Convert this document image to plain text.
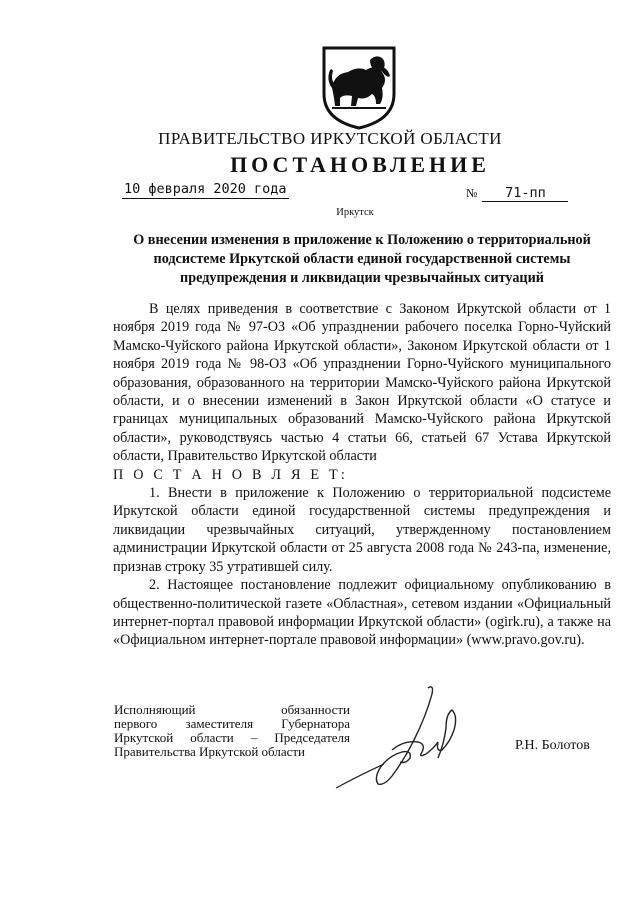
ПРАВИТЕЛЬСТВО ИРКУТСКОЙ ОБЛАСТИ
ПОСТАНОВЛЕНИЕ
10 февраля 2020 года	№ 71-пп
Иркутск
О внесении изменения в приложение к Положению о территориальной подсистеме Иркутской области единой государственной системы предупреждения и ликвидации чрезвычайных ситуаций

В целях приведения в соответствие с Законом Иркутской области от 1 ноября 2019 года № 97-ОЗ «Об упразднении рабочего поселка Горно-Чуйский Мамско-Чуйского района Иркутской области», Законом Иркутской области от 1 ноября 2019 года № 98-ОЗ «Об упразднении Горно-Чуйского муниципального образования, образованного на территории Мамско-Чуйского района Иркутской области, и о внесении изменений в Закон Иркутской области «О статусе и границах муниципальных образований Мамско-Чуйского района Иркутской области», руководствуясь частью 4 статьи 66, статьей 67 Устава Иркутской области, Правительство Иркутской области

П О С Т А Н О В Л Я Е Т:

1. Внести в приложение к Положению о территориальной подсистеме Иркутской области единой государственной системы предупреждения и ликвидации чрезвычайных ситуаций, утвержденному постановлением администрации Иркутской области от 25 августа 2008 года № 243-па, изменение, признав строку 35 утратившей силу.

2. Настоящее постановление подлежит официальному опубликованию в общественно-политической газете «Областная», сетевом издании «Официальный интернет-портал правовой информации Иркутской области» (ogirk.ru), а также на «Официальном интернет-портале правовой информации» (www.pravo.gov.ru).

Исполняющий обязанности
первого заместителя Губернатора
Иркутской области – Председателя
Правительства Иркутской области	Р.Н. Болотов
